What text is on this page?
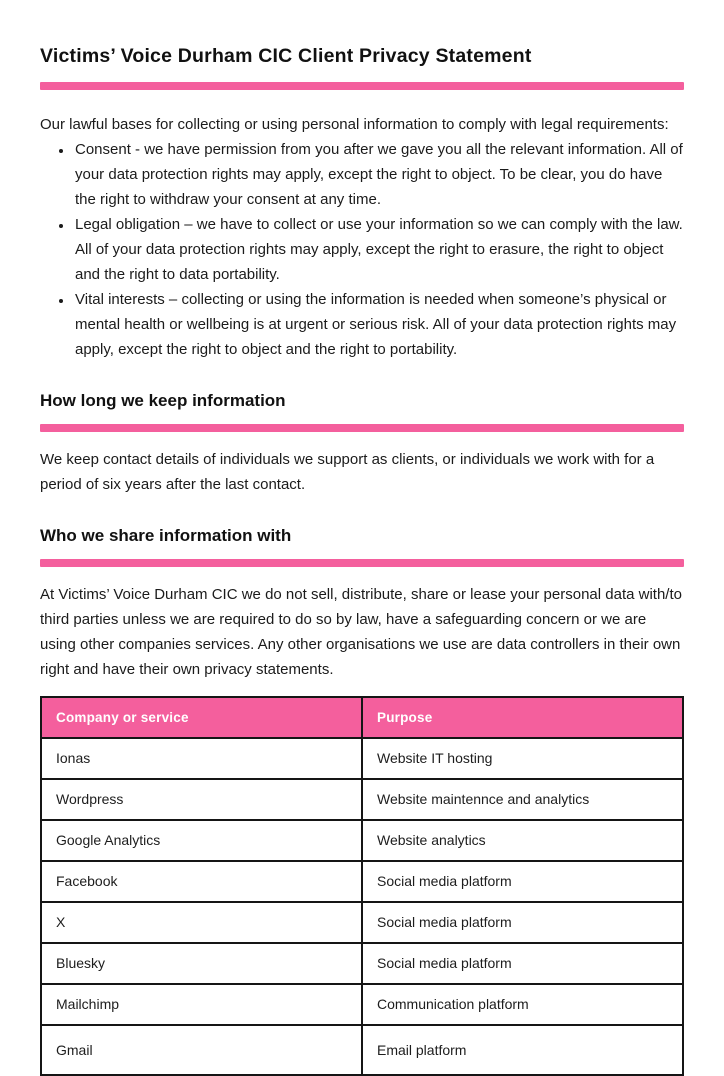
Victims’ Voice Durham CIC Client Privacy Statement

Our lawful bases for collecting or using personal information to comply with legal requirements:

• Consent - we have permission from you after we gave you all the relevant information. All of your data protection rights may apply, except the right to object. To be clear, you do have the right to withdraw your consent at any time.
• Legal obligation – we have to collect or use your information so we can comply with the law. All of your data protection rights may apply, except the right to erasure, the right to object and the right to data portability.
• Vital interests – collecting or using the information is needed when someone’s physical or mental health or wellbeing is at urgent or serious risk. All of your data protection rights may apply, except the right to object and the right to portability.
How long we keep information

We keep contact details of individuals we support as clients, or individuals we work with for a period of six years after the last contact.

Who we share information with

At Victims’ Voice Durham CIC we do not sell, distribute, share or lease your personal data with/to third parties unless we are required to do so by law, have a safeguarding concern or we are using other companies services. Any other organisations we use are data controllers in their own right and have their own privacy statements.

Company or service	Purpose
Ionas	Website IT hosting
Wordpress	Website maintennce and analytics
Google Analytics	Website analytics
Facebook	Social media platform
X	Social media platform
Bluesky	Social media platform
Mailchimp	Communication platform
Gmail	Email platform
